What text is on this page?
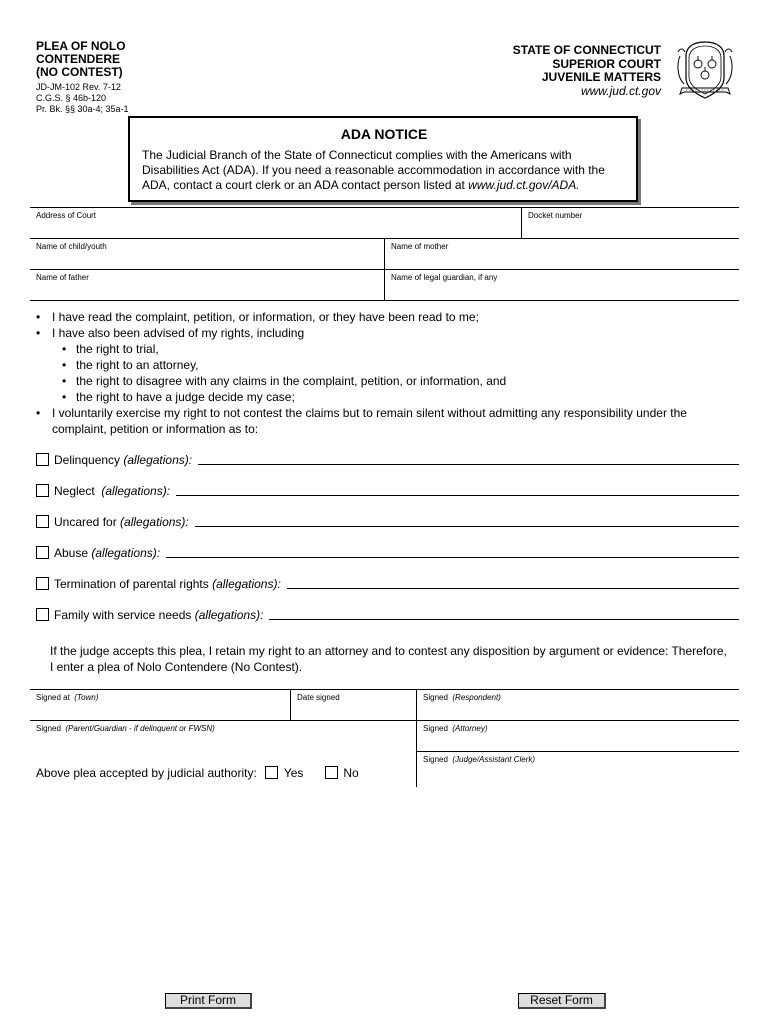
PLEA OF NOLO
CONTENDERE
(NO CONTEST)
JD-JM-102 Rev. 7-12
C.G.S. § 46b-120
Pr. Bk. §§ 30a-4; 35a-1
STATE OF CONNECTICUT
SUPERIOR COURT
JUVENILE MATTERS
www.jud.ct.gov
ADA NOTICE

The Judicial Branch of the State of Connecticut complies with the Americans with Disabilities Act (ADA). If you need a reasonable accommodation in accordance with the ADA, contact a court clerk or an ADA contact person listed at www.jud.ct.gov/ADA.

Address of Court	Docket number
Name of child/youth	Name of mother
Name of father	Name of legal guardian, if any
• I have read the complaint, petition, or information, or they have been read to me;
• I have also been advised of my rights, including
• the right to trial,
• the right to an attorney,
• the right to disagree with any claims in the complaint, petition, or information, and
• the right to have a judge decide my case;
• I voluntarily exercise my right to not contest the claims but to remain silent without admitting any responsibility under the complaint, petition or information as to:
Delinquency
(allegations):
Neglect
(allegations):
Uncared for
(allegations):
Abuse
(allegations):
Termination of parental rights
(allegations):
Family with service needs
(allegations):
If the judge accepts this plea, I retain my right to an attorney and to contest any disposition by argument or evidence: Therefore, I enter a plea of Nolo Contendere (No Contest).
Signed at (Town)	Date signed	Signed (Respondent)
Signed (Parent/Guardian - if delinquent or FWSN)	Signed (Attorney)
Signed (Judge/Assistant Clerk)
Above plea accepted by judicial authority: Yes	No
Print Form	Reset Form
